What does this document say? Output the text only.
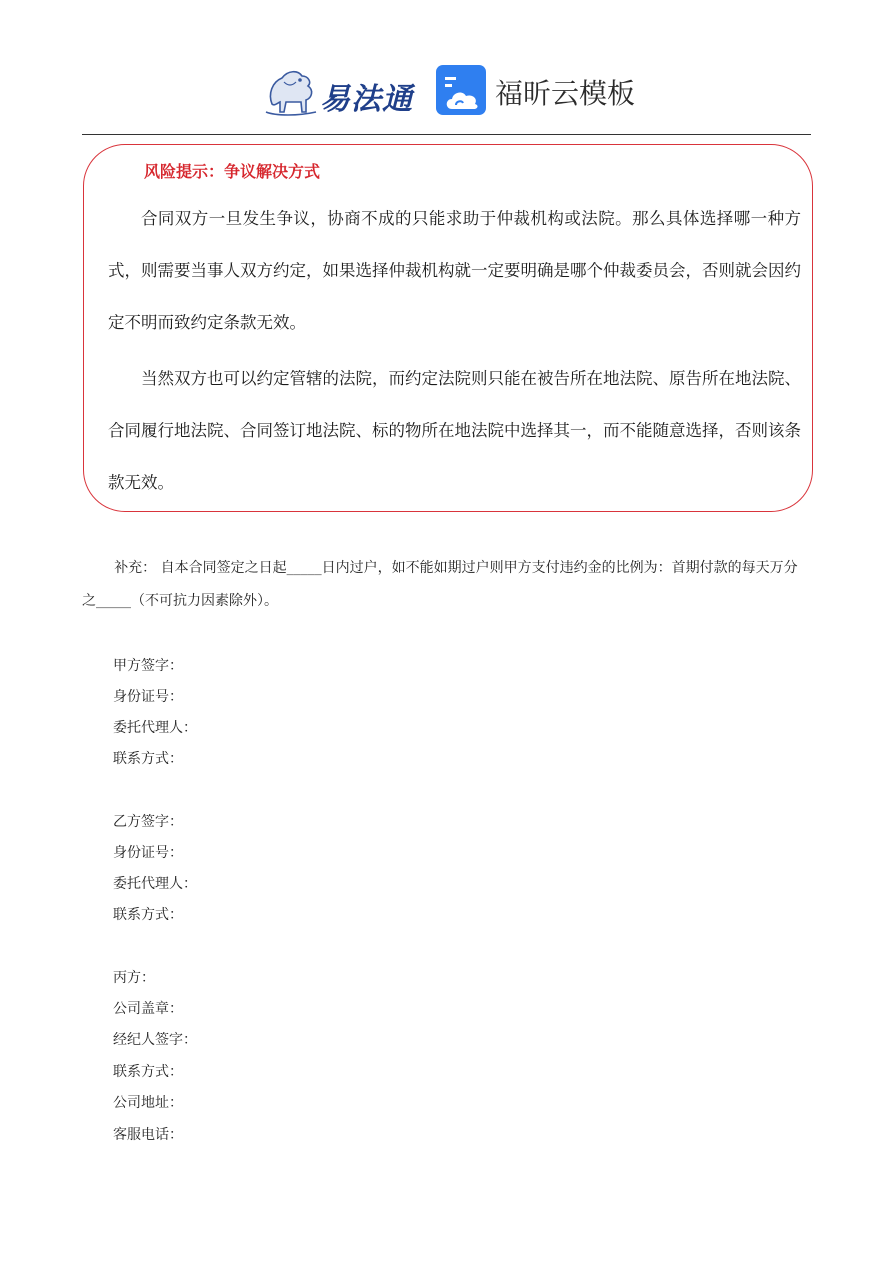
易法通	福昕云模板
风险提示：争议解决方式

合同双方一旦发生争议，协商不成的只能求助于仲裁机构或法院。那么具体选择哪一种方式，则需要当事人双方约定，如果选择仲裁机构就一定要明确是哪个仲裁委员会，否则就会因约定不明而致约定条款无效。

当然双方也可以约定管辖的法院，而约定法院则只能在被告所在地法院、原告所在地法院、合同履行地法院、合同签订地法院、标的物所在地法院中选择其一，而不能随意选择，否则该条款无效。

补充： 自本合同签定之日起_____日内过户，如不能如期过户则甲方支付违约金的比例为：首期付款的每天万分之_____（不可抗力因素除外）。

甲方签字：
身份证号：
委托代理人：
联系方式：
乙方签字：
身份证号：
委托代理人：
联系方式：
丙方：
公司盖章：
经纪人签字：
联系方式：
公司地址：
客服电话：
